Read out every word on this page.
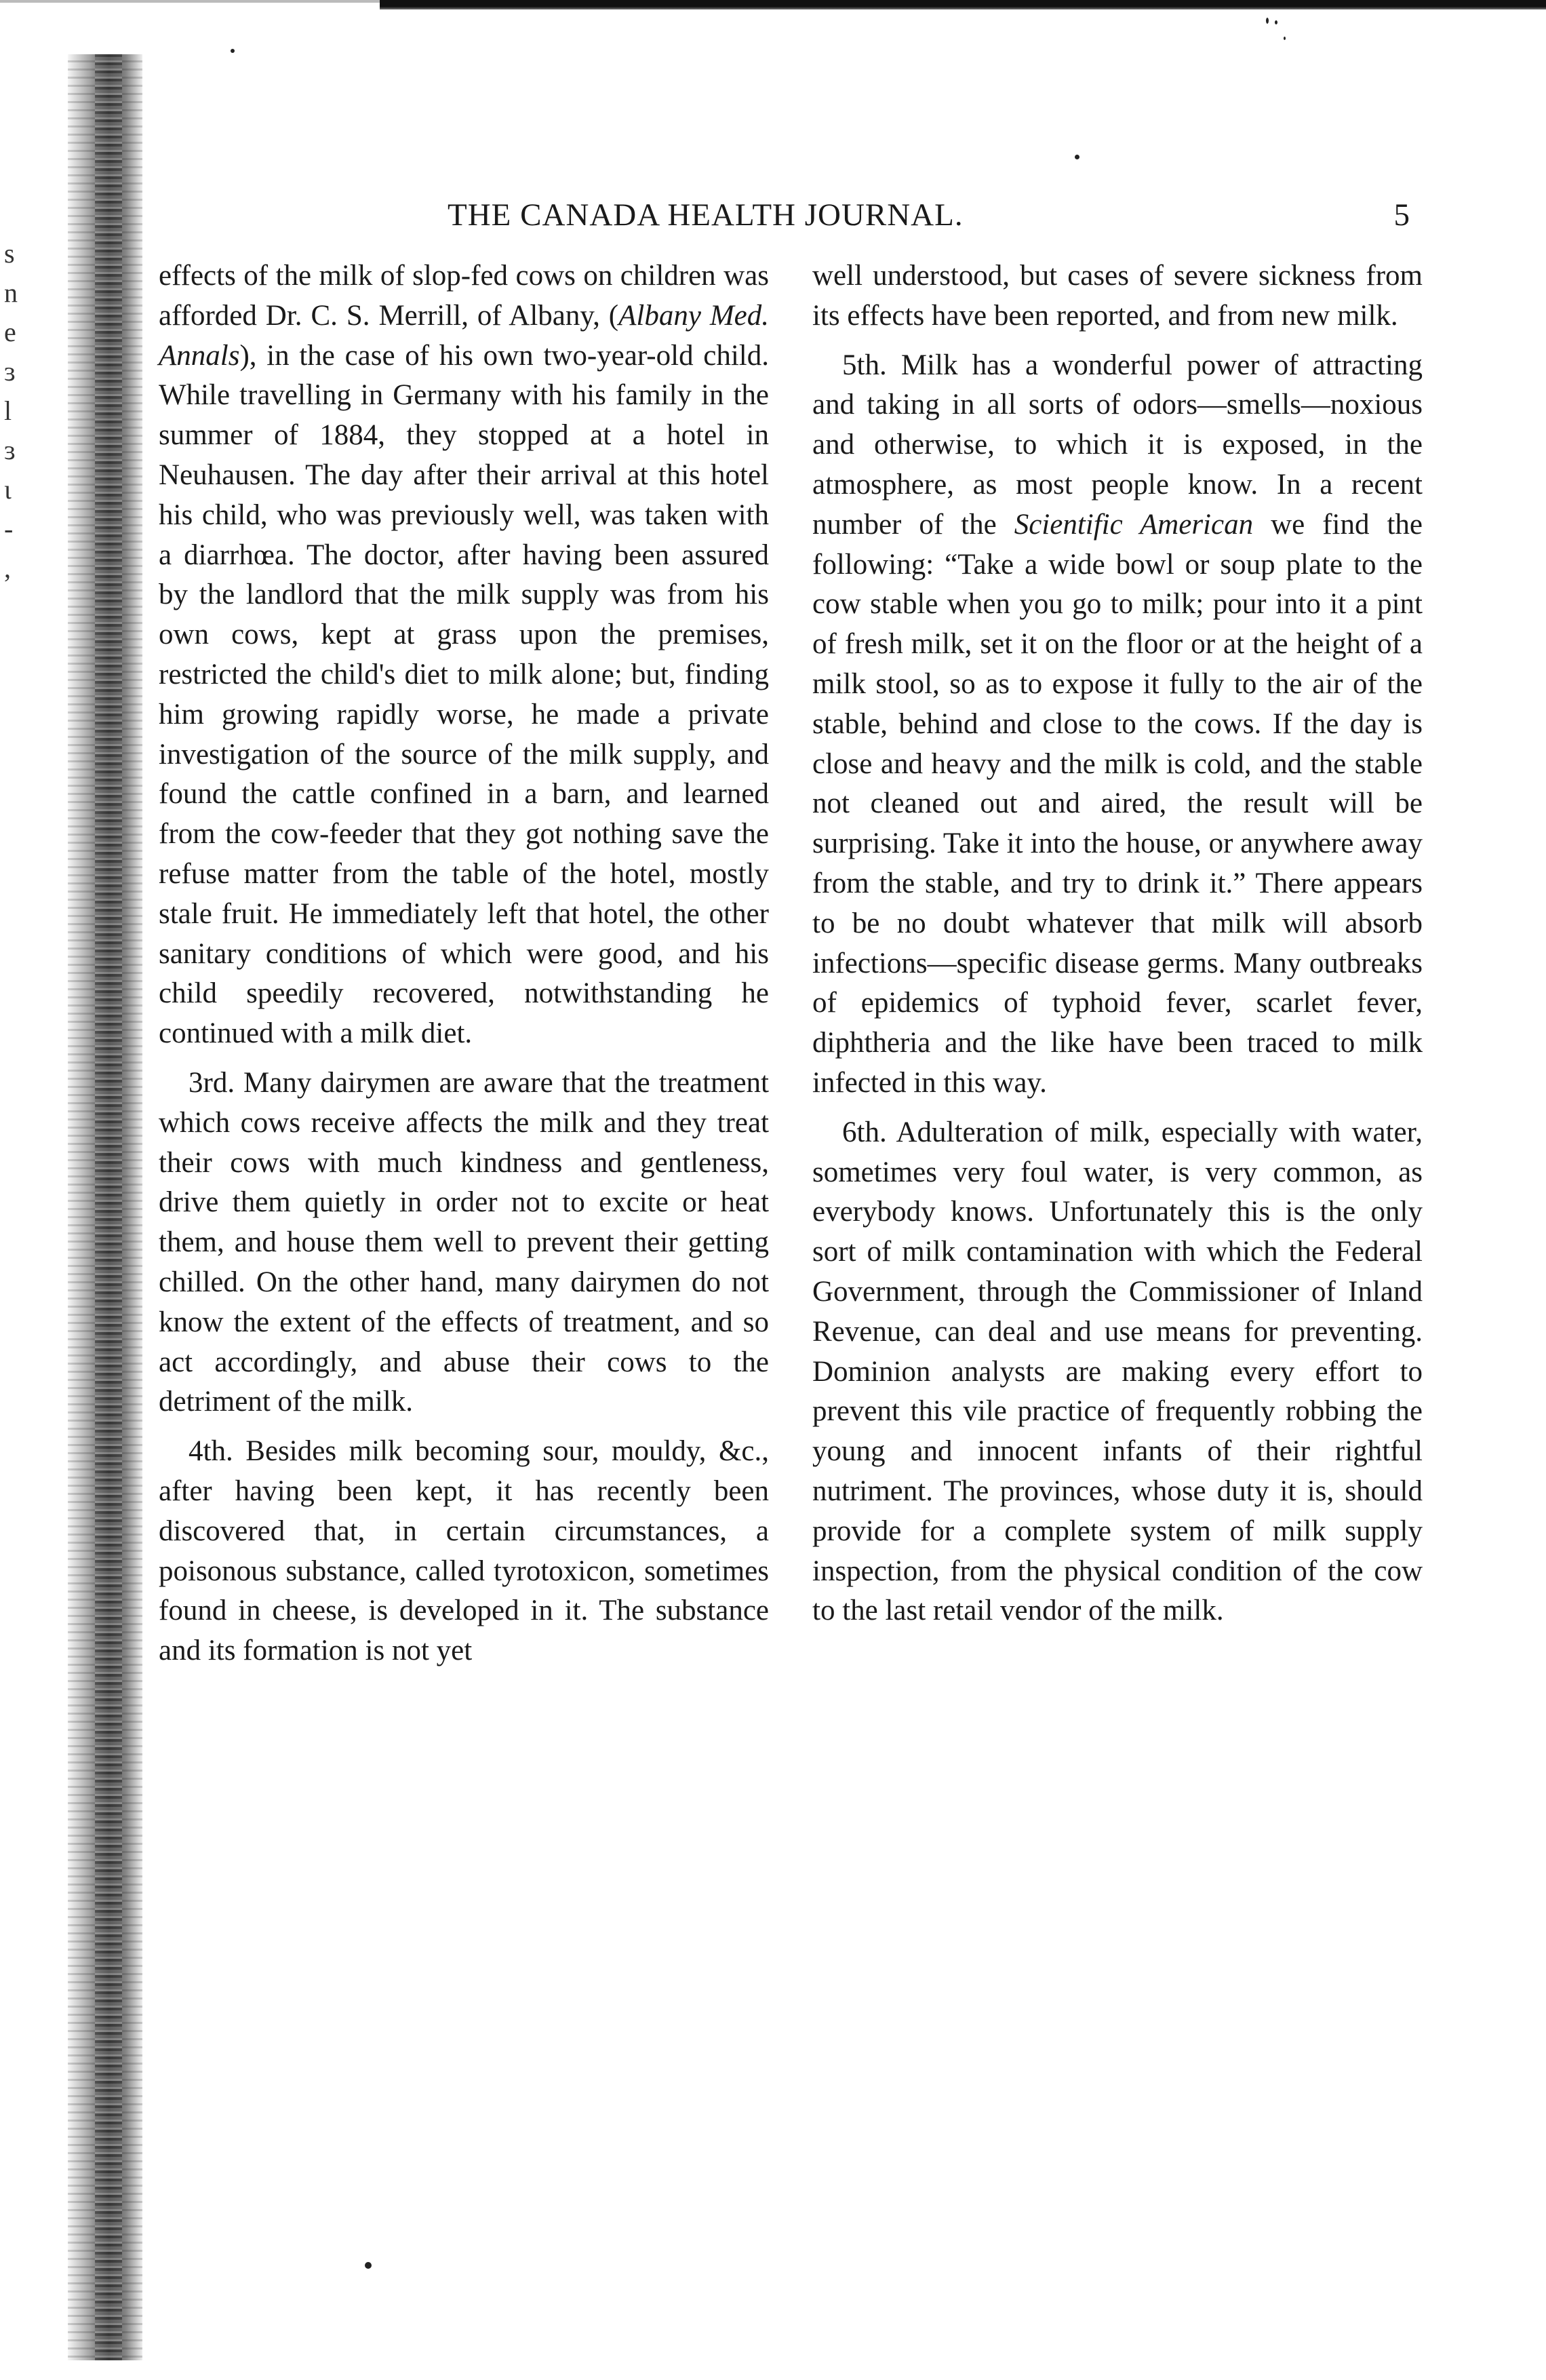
s
n
e
ɜ
l
ɜ
ɩ
-
,
THE CANADA HEALTH JOURNAL.	5

effects of the milk of slop-fed cows on children was afforded Dr. C. S. Merrill, of Albany, (Albany Med. Annals), in the case of his own two-year-old child. While travelling in Germany with his family in the summer of 1884, they stopped at a hotel in Neuhausen. The day after their arrival at this hotel his child, who was previously well, was taken with a diarrhœa. The doctor, after having been assured by the landlord that the milk supply was from his own cows, kept at grass upon the premises, restricted the child's diet to milk alone; but, finding him growing rapidly worse, he made a private investigation of the source of the milk supply, and found the cattle confined in a barn, and learned from the cow-feeder that they got nothing save the refuse matter from the table of the hotel, mostly stale fruit. He immediately left that hotel, the other sanitary conditions of which were good, and his child speedily recovered, notwithstanding he continued with a milk diet.

3rd. Many dairymen are aware that the treatment which cows receive affects the milk and they treat their cows with much kindness and gentleness, drive them quietly in order not to excite or heat them, and house them well to prevent their getting chilled. On the other hand, many dairymen do not know the extent of the effects of treatment, and so act accordingly, and abuse their cows to the detriment of the milk.

4th. Besides milk becoming sour, mouldy, &c., after having been kept, it has recently been discovered that, in certain circumstances, a poisonous substance, called tyrotoxicon, sometimes found in cheese, is developed in it. The substance and its formation is not yet

well understood, but cases of severe sickness from its effects have been reported, and from new milk.

5th. Milk has a wonderful power of attracting and taking in all sorts of odors—smells—noxious and otherwise, to which it is exposed, in the atmosphere, as most people know. In a recent number of the Scientific American we find the following: “Take a wide bowl or soup plate to the cow stable when you go to milk; pour into it a pint of fresh milk, set it on the floor or at the height of a milk stool, so as to expose it fully to the air of the stable, behind and close to the cows. If the day is close and heavy and the milk is cold, and the stable not cleaned out and aired, the result will be surprising. Take it into the house, or anywhere away from the stable, and try to drink it.” There appears to be no doubt whatever that milk will absorb infections—specific disease germs. Many outbreaks of epidemics of typhoid fever, scarlet fever, diphtheria and the like have been traced to milk infected in this way.

6th. Adulteration of milk, especially with water, sometimes very foul water, is very common, as everybody knows. Unfortunately this is the only sort of milk contamination with which the Federal Government, through the Commissioner of Inland Revenue, can deal and use means for preventing. Dominion analysts are making every effort to prevent this vile practice of frequently robbing the young and innocent infants of their rightful nutriment. The provinces, whose duty it is, should provide for a complete system of milk supply inspection, from the physical condition of the cow to the last retail vendor of the milk.
